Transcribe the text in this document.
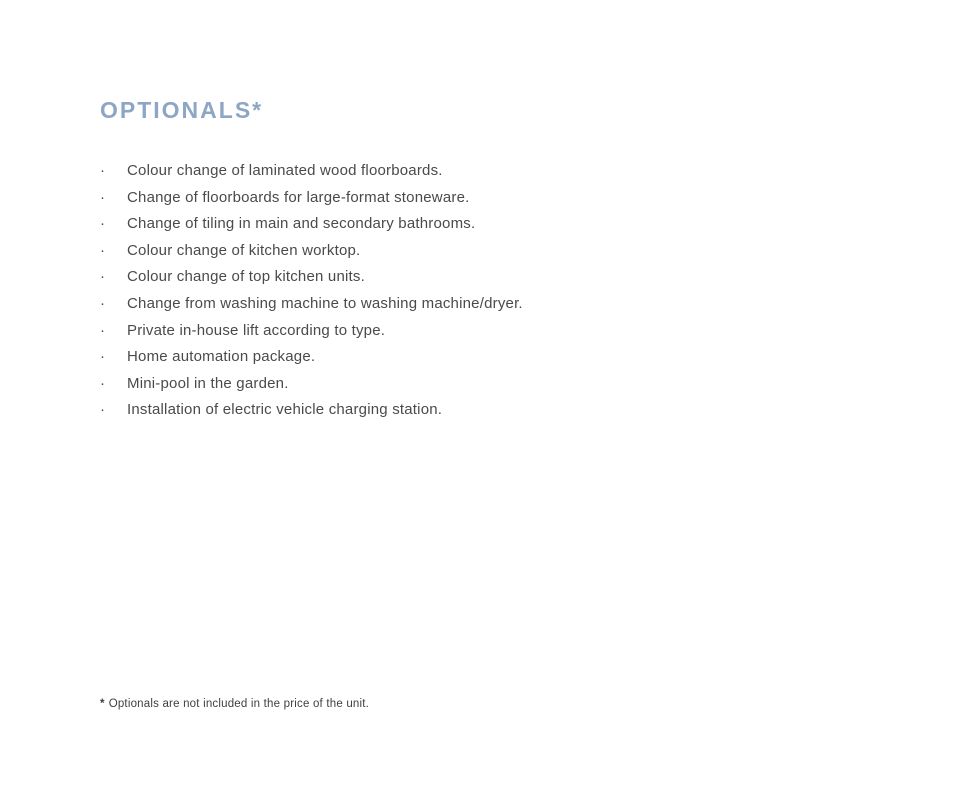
OPTIONALS*
·	Colour change of laminated wood floorboards.
·	Change of floorboards for large-format stoneware.
·	Change of tiling in main and secondary bathrooms.
·	Colour change of kitchen worktop.
·	Colour change of top kitchen units.
·	Change from washing machine to washing machine/dryer.
·	Private in-house lift according to type.
·	Home automation package.
·	Mini-pool in the garden.
·	Installation of electric vehicle charging station.

* Optionals are not included in the price of the unit.
